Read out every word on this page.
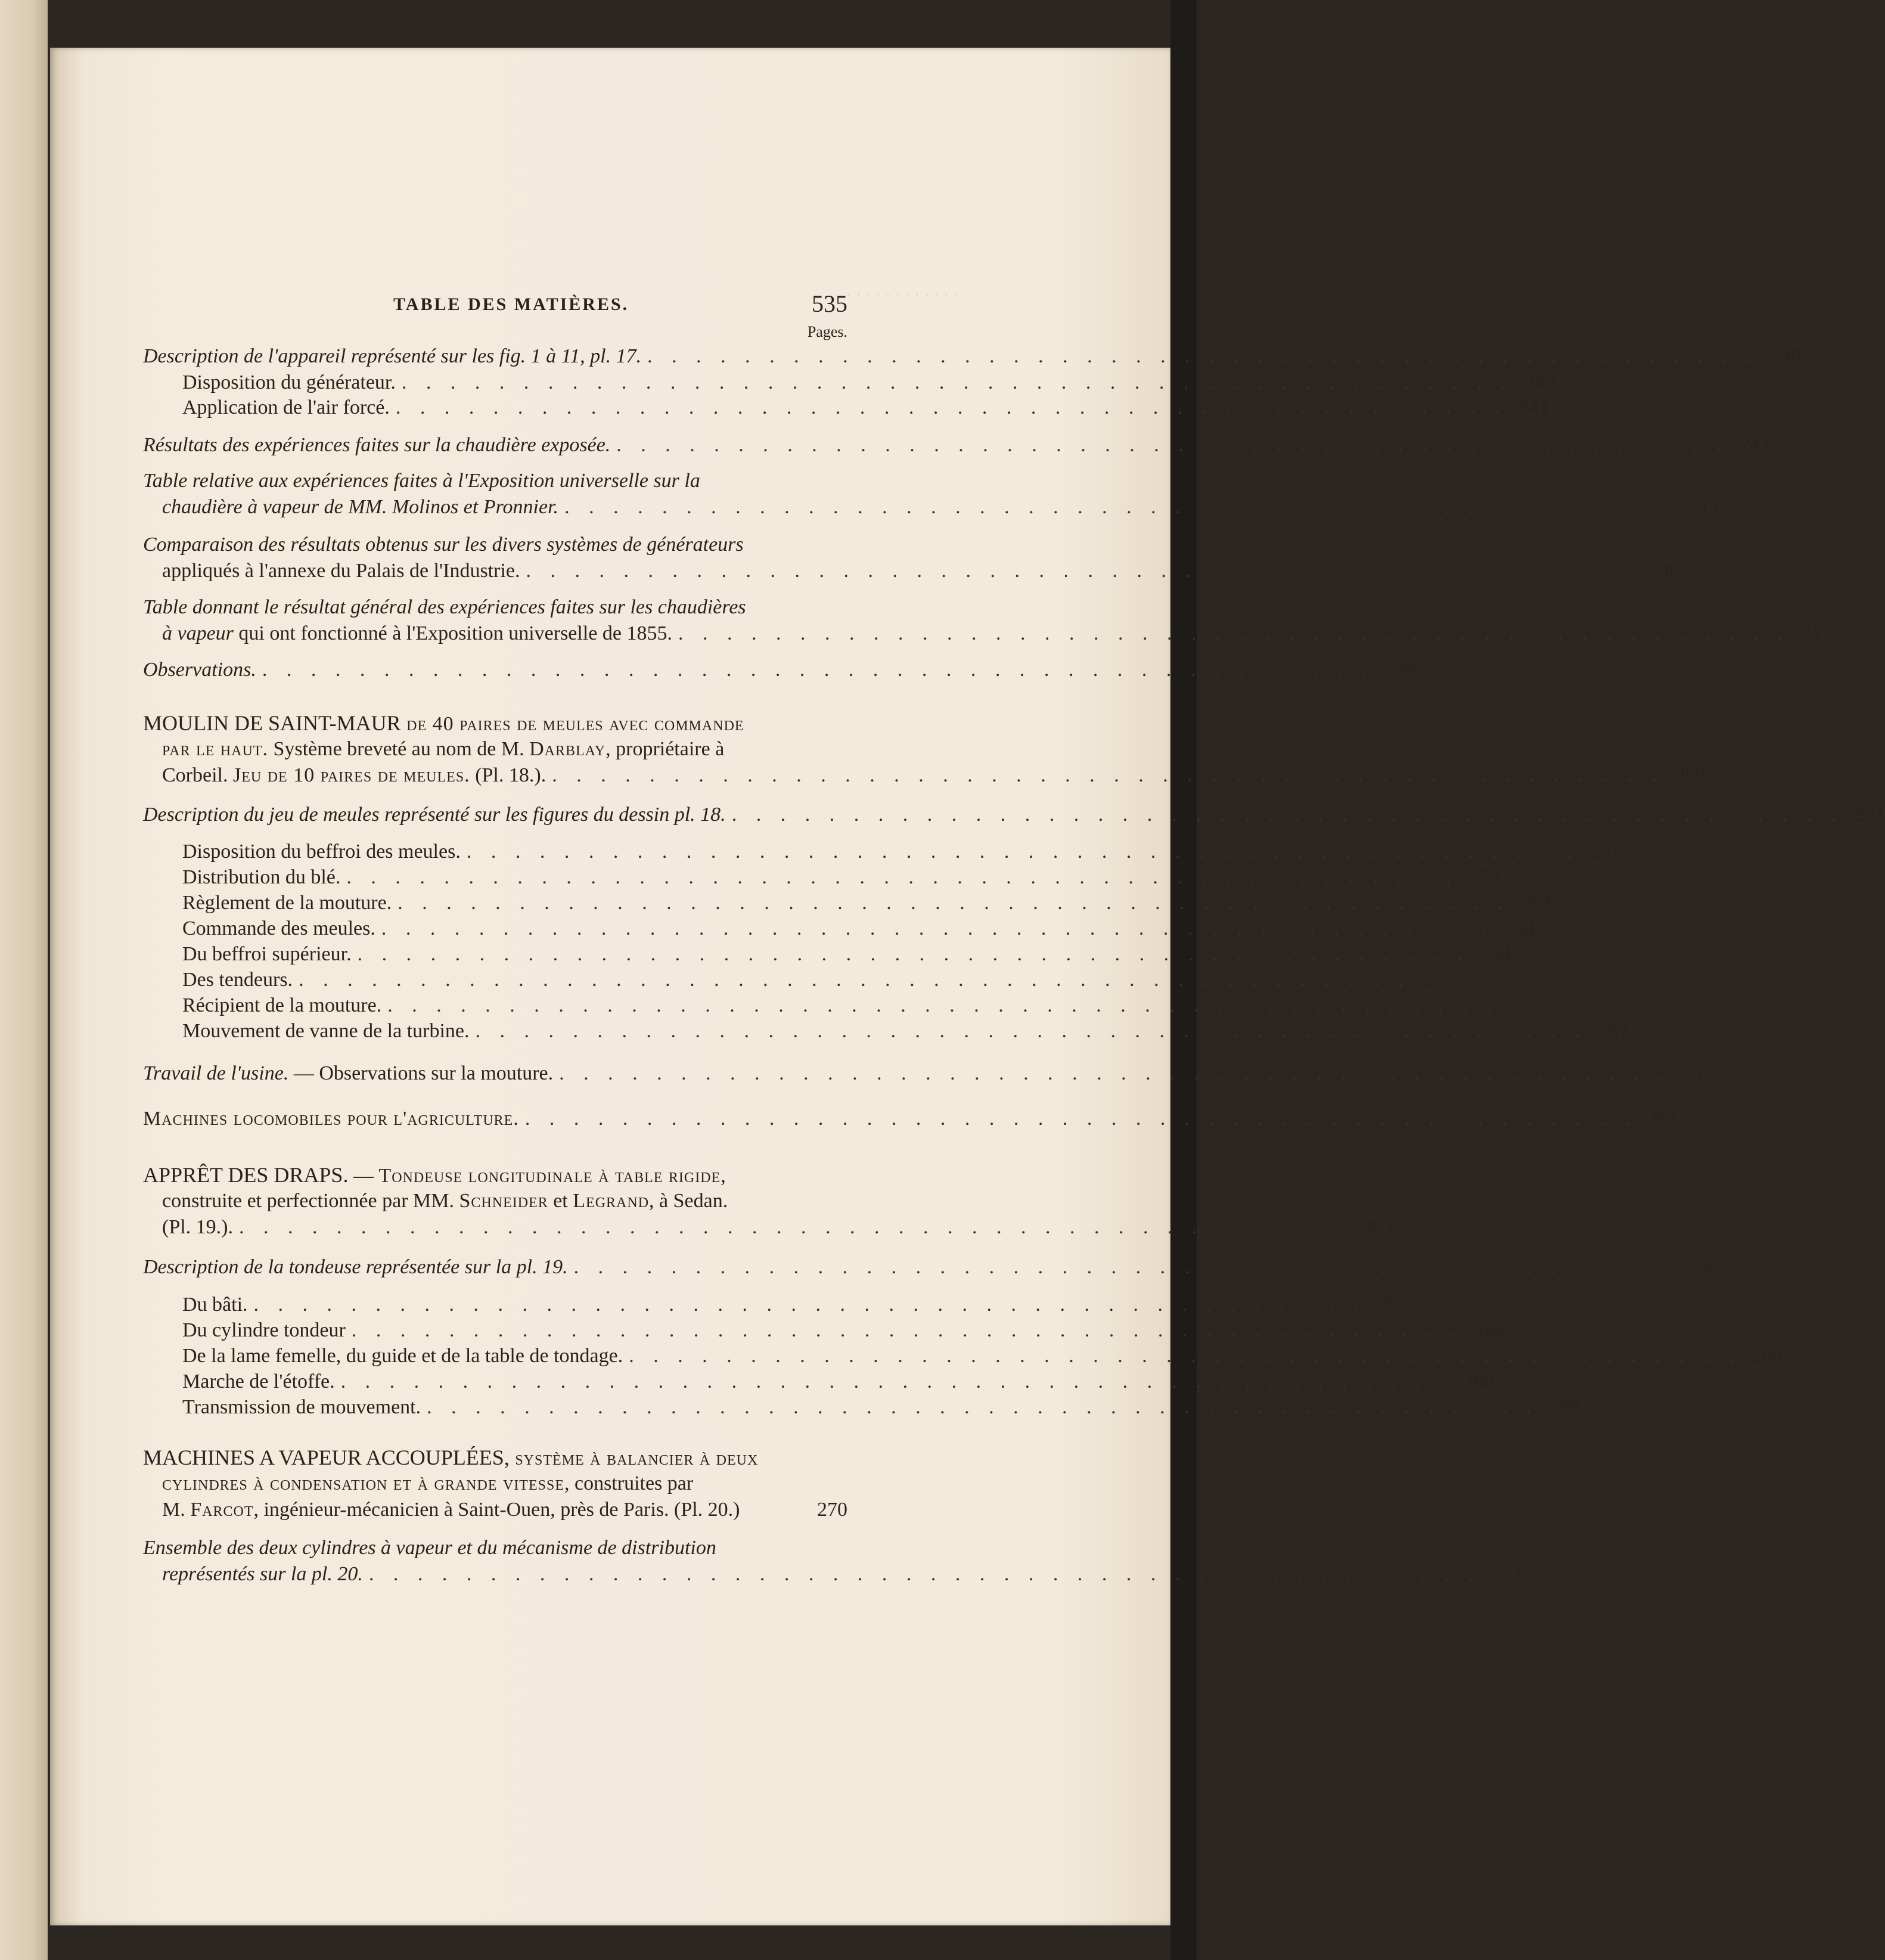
· · · · · · · · · · · ·
TABLE DES MATIÈRES.	535
Pages.
Description de l'appareil représenté sur les fig. 1 à 11, pl. 17. . . . . . . . . . . . . . . . . . . . . . . . . . . . . . . . . . . . . . . . . . . . . . . 239
Disposition du générateur. . . . . . . . . . . . . . . . . . . . . . . . . . . . . . . . . . . . . . . . . . . . . . . 240
Application de l'air forcé. . . . . . . . . . . . . . . . . . . . . . . . . . . . . . . . . . . . . . . . . . . . . . . 241
Résultats des expériences faites sur la chaudière exposée. . . . . . . . . . . . . . . . . . . . . . . . . . . . . . . . . . . . . . . . . . . . . . . 242
Table relative aux expériences faites à l'Exposition universelle sur la
chaudière à vapeur de MM. Molinos et Pronnier. . . . . . . . . . . . . . . . . . . . . . . . . . . . . . . . . . . . . . . . . . . . . . . 243
Comparaison des résultats obtenus sur les divers systèmes de générateurs
appliqués à l'annexe du Palais de l'Industrie. . . . . . . . . . . . . . . . . . . . . . . . . . . . . . . . . . . . . . . . . . . . . . . 246
Table donnant le résultat général des expériences faites sur les chaudières
à vapeur qui ont fonctionné à l'Exposition universelle de 1855. . . . . . . . . . . . . . . . . . . . . . . . . . . . . . . . . . . . . . . . . . . . . . . 247
Observations. . . . . . . . . . . . . . . . . . . . . . . . . . . . . . . . . . . . . . . . . . . . . . . 249
MOULIN DE SAINT-MAUR de 40 paires de meules avec commande
par le haut. Système breveté au nom de M. Darblay, propriétaire à
Corbeil. Jeu de 10 paires de meules. (Pl. 18.). . . . . . . . . . . . . . . . . . . . . . . . . . . . . . . . . . . . . . . . . . . . . . . 250
Description du jeu de meules représenté sur les figures du dessin pl. 18. . . . . . . . . . . . . . . . . . . . . . . . . . . . . . . . . . . . . . . . . . . . . . . 251
Disposition du beffroi des meules. . . . . . . . . . . . . . . . . . . . . . . . . . . . . . . . . . . . . . . . . . . . . . . 251
Distribution du blé. . . . . . . . . . . . . . . . . . . . . . . . . . . . . . . . . . . . . . . . . . . . . . . 253
Règlement de la mouture. . . . . . . . . . . . . . . . . . . . . . . . . . . . . . . . . . . . . . . . . . . . . . . 253
Commande des meules. . . . . . . . . . . . . . . . . . . . . . . . . . . . . . . . . . . . . . . . . . . . . . . 254
Du beffroi supérieur. . . . . . . . . . . . . . . . . . . . . . . . . . . . . . . . . . . . . . . . . . . . . . . 254
Des tendeurs. . . . . . . . . . . . . . . . . . . . . . . . . . . . . . . . . . . . . . . . . . . . . . . 255
Récipient de la mouture. . . . . . . . . . . . . . . . . . . . . . . . . . . . . . . . . . . . . . . . . . . . . . . 255
Mouvement de vanne de la turbine. . . . . . . . . . . . . . . . . . . . . . . . . . . . . . . . . . . . . . . . . . . . . . . 257
Travail de l'usine. — Observations sur la mouture. . . . . . . . . . . . . . . . . . . . . . . . . . . . . . . . . . . . . . . . . . . . . . . 257
Machines locomobiles pour l'agriculture. . . . . . . . . . . . . . . . . . . . . . . . . . . . . . . . . . . . . . . . . . . . . . . 261
APPRÊT DES DRAPS. — Tondeuse longitudinale à table rigide,
construite et perfectionnée par MM. Schneider et Legrand, à Sedan.
(Pl. 19.). . . . . . . . . . . . . . . . . . . . . . . . . . . . . . . . . . . . . . . . . . . . . . . 263
Description de la tondeuse représentée sur la pl. 19. . . . . . . . . . . . . . . . . . . . . . . . . . . . . . . . . . . . . . . . . . . . . . . 265
Du bâti. . . . . . . . . . . . . . . . . . . . . . . . . . . . . . . . . . . . . . . . . . . . . . . 265
Du cylindre tondeur . . . . . . . . . . . . . . . . . . . . . . . . . . . . . . . . . . . . . . . . . . . . . . 265
De la lame femelle, du guide et de la table de tondage. . . . . . . . . . . . . . . . . . . . . . . . . . . . . . . . . . . . . . . . . . . . . . . 266
Marche de l'étoffe. . . . . . . . . . . . . . . . . . . . . . . . . . . . . . . . . . . . . . . . . . . . . . . 268
Transmission de mouvement. . . . . . . . . . . . . . . . . . . . . . . . . . . . . . . . . . . . . . . . . . . . . . . 268
MACHINES A VAPEUR ACCOUPLÉES, système à balancier à deux
cylindres à condensation et à grande vitesse, construites par
M. Farcot, ingénieur-mécanicien à Saint-Ouen, près de Paris. (Pl. 20.)	270
Ensemble des deux cylindres à vapeur et du mécanisme de distribution
représentés sur la pl. 20. . . . . . . . . . . . . . . . . . . . . . . . . . . . . . . . . . . . . . . . . . . . . . . 272
